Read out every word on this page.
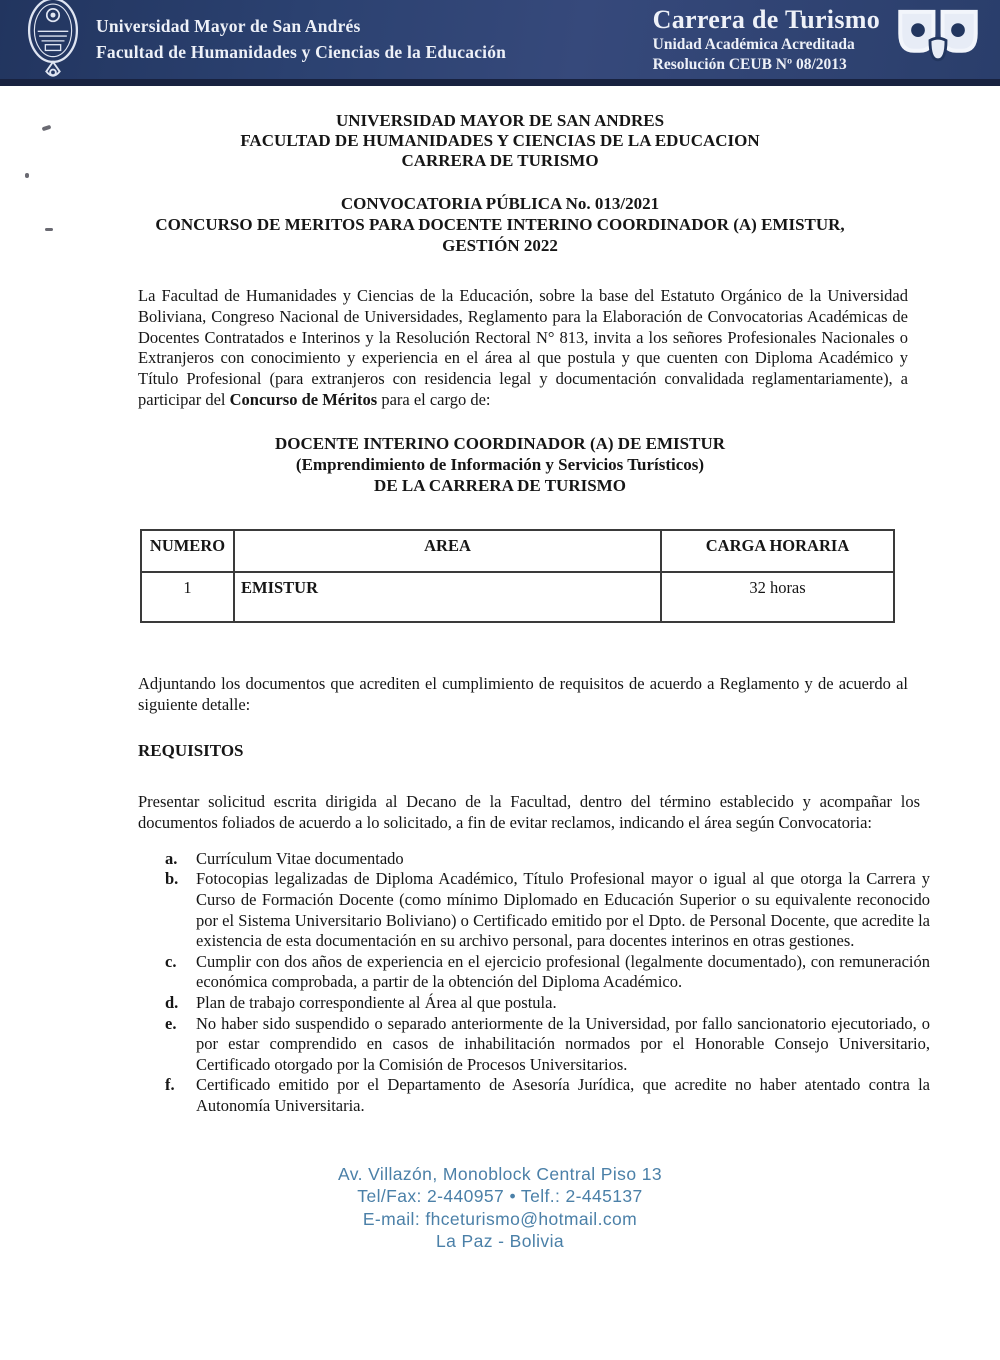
Universidad Mayor de San Andrés
Facultad de Humanidades y Ciencias de la Educación
Carrera de Turismo
Unidad Académica Acreditada
Resolución CEUB Nº 08/2013
UNIVERSIDAD MAYOR DE SAN ANDRES
FACULTAD DE HUMANIDADES Y CIENCIAS DE LA EDUCACION
CARRERA DE TURISMO
CONVOCATORIA PÚBLICA No. 013/2021
CONCURSO DE MERITOS PARA DOCENTE INTERINO COORDINADOR (A) EMISTUR,
GESTIÓN 2022

La Facultad de Humanidades y Ciencias de la Educación, sobre la base del Estatuto Orgánico de la Universidad Boliviana, Congreso Nacional de Universidades, Reglamento para la Elaboración de Convocatorias Académicas de Docentes Contratados e Interinos y la Resolución Rectoral N° 813, invita a los señores Profesionales Nacionales o Extranjeros con conocimiento y experiencia en el área al que postula y que cuenten con Diploma Académico y Título Profesional (para extranjeros con residencia legal y documentación convalidada reglamentariamente), a participar del Concurso de Méritos para el cargo de:

DOCENTE INTERINO COORDINADOR (A) DE EMISTUR
(Emprendimiento de Información y Servicios Turísticos)
DE LA CARRERA DE TURISMO
NUMERO	AREA	CARGA HORARIA
1	EMISTUR	32 horas

Adjuntando los documentos que acrediten el cumplimiento de requisitos de acuerdo a Reglamento y de acuerdo al siguiente detalle:

REQUISITOS

Presentar solicitud escrita dirigida al Decano de la Facultad, dentro del término establecido y acompañar los documentos foliados de acuerdo a lo solicitado, a fin de evitar reclamos, indicando el área según Convocatoria:

a.	Currículum Vitae documentado
b.	Fotocopias legalizadas de Diploma Académico, Título Profesional mayor o igual al que otorga la Carrera y Curso de Formación Docente (como mínimo Diplomado en Educación Superior o su equivalente reconocido por el Sistema Universitario Boliviano) o Certificado emitido por el Dpto. de Personal Docente, que acredite la existencia de esta documentación en su archivo personal, para docentes interinos en otras gestiones.
c.	Cumplir con dos años de experiencia en el ejercicio profesional (legalmente documentado), con remuneración económica comprobada, a partir de la obtención del Diploma Académico.
d.	Plan de trabajo correspondiente al Área al que postula.
e.	No haber sido suspendido o separado anteriormente de la Universidad, por fallo sancionatorio ejecutoriado, o por estar comprendido en casos de inhabilitación normados por el Honorable Consejo Universitario, Certificado otorgado por la Comisión de Procesos Universitarios.
f.	Certificado emitido por el Departamento de Asesoría Jurídica, que acredite no haber atentado contra la Autonomía Universitaria.
Av. Villazón, Monoblock Central Piso 13
Tel/Fax: 2-440957 • Telf.: 2-445137
E-mail: fhceturismo@hotmail.com
La Paz - Bolivia
